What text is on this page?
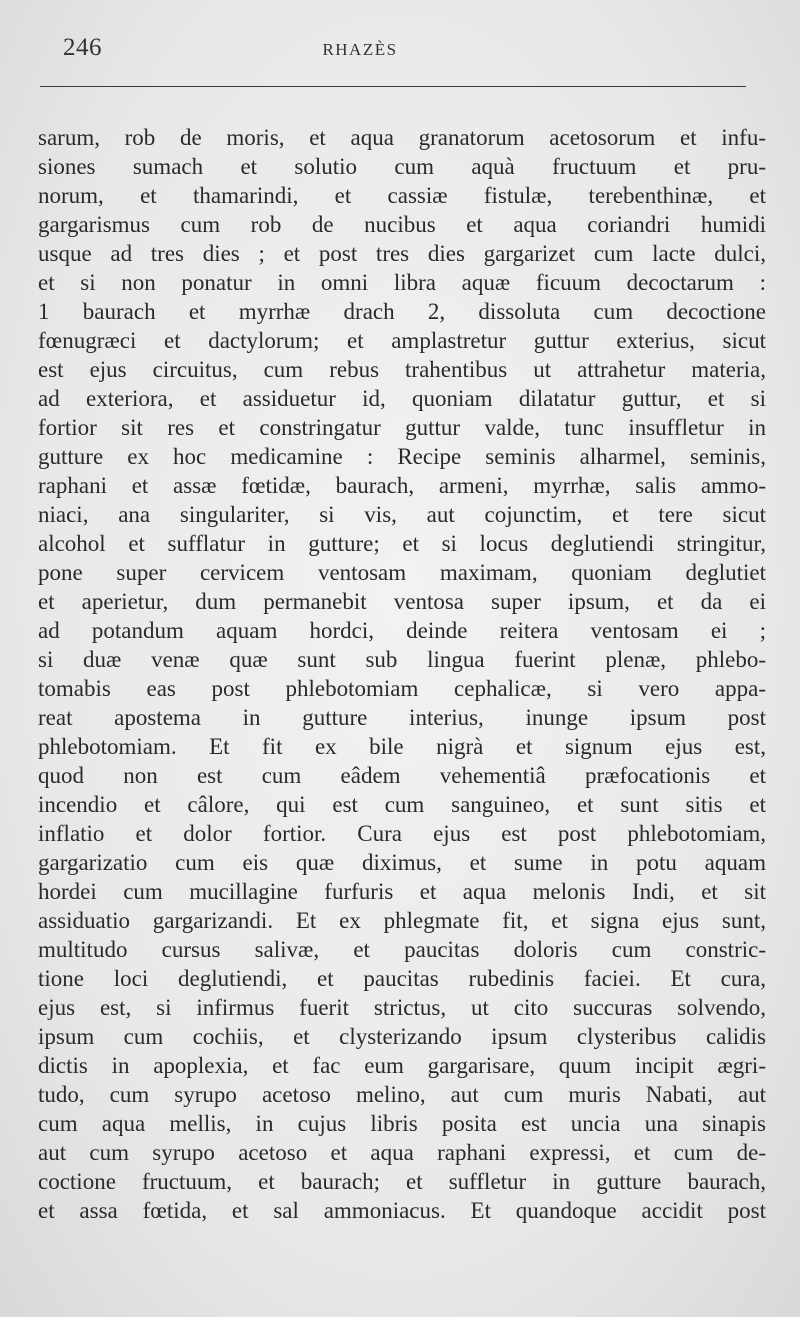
246	RHAZÈS
sarum, rob de moris, et aqua granatorum acetosorum et infu-
siones sumach et solutio cum aquà fructuum et pru-
norum, et thamarindi, et cassiæ fistulæ, terebenthinæ, et
gargarismus cum rob de nucibus et aqua coriandri humidi
usque ad tres dies ; et post tres dies gargarizet cum lacte dulci,
et si non ponatur in omni libra aquæ ficuum decoctarum :
1 baurach et myrrhæ drach 2, dissoluta cum decoctione
fœnugræci et dactylorum; et amplastretur guttur exterius, sicut
est ejus circuitus, cum rebus trahentibus ut attrahetur materia,
ad exteriora, et assiduetur id, quoniam dilatatur guttur, et si
fortior sit res et constringatur guttur valde, tunc insuffletur in
gutture ex hoc medicamine : Recipe seminis alharmel, seminis,
raphani et assæ fœtidæ, baurach, armeni, myrrhæ, salis ammo-
niaci, ana singulariter, si vis, aut cojunctim, et tere sicut
alcohol et sufflatur in gutture; et si locus deglutiendi stringitur,
pone super cervicem ventosam maximam, quoniam deglutiet
et aperietur, dum permanebit ventosa super ipsum, et da ei
ad potandum aquam hordci, deinde reitera ventosam ei ;
si duæ venæ quæ sunt sub lingua fuerint plenæ, phlebo-
tomabis eas post phlebotomiam cephalicæ, si vero appa-
reat apostema in gutture interius, inunge ipsum post
phlebotomiam. Et fit ex bile nigrà et signum ejus est,
quod non est cum eâdem vehementiâ præfocationis et
incendio et câlore, qui est cum sanguineo, et sunt sitis et
inflatio et dolor fortior. Cura ejus est post phlebotomiam,
gargarizatio cum eis quæ diximus, et sume in potu aquam
hordei cum mucillagine furfuris et aqua melonis Indi, et sit
assiduatio gargarizandi. Et ex phlegmate fit, et signa ejus sunt,
multitudo cursus salivæ, et paucitas doloris cum constric-
tione loci deglutiendi, et paucitas rubedinis faciei. Et cura,
ejus est, si infirmus fuerit strictus, ut cito succuras solvendo,
ipsum cum cochiis, et clysterizando ipsum clysteribus calidis
dictis in apoplexia, et fac eum gargarisare, quum incipit ægri-
tudo, cum syrupo acetoso melino, aut cum muris Nabati, aut
cum aqua mellis, in cujus libris posita est uncia una sinapis
aut cum syrupo acetoso et aqua raphani expressi, et cum de-
coctione fructuum, et baurach; et suffletur in gutture baurach,
et assa fœtida, et sal ammoniacus. Et quandoque accidit post
